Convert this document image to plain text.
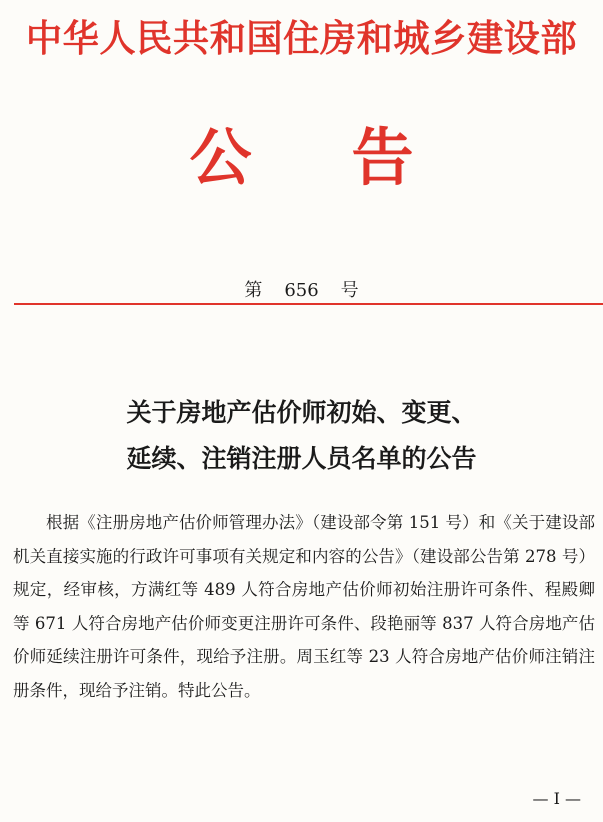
中华人民共和国住房和城乡建设部
公告
第 656 号
关于房地产估价师初始、变更、
延续、注销注册人员名单的公告
根据《注册房地产估价师管理办法》（建设部令第 151 号）和《关于建设部机关直接实施的行政许可事项有关规定和内容的公告》（建设部公告第 278 号）规定，经审核，方满红等 489 人符合房地产估价师初始注册许可条件、程殿卿等 671 人符合房地产估价师变更注册许可条件、段艳丽等 837 人符合房地产估价师延续注册许可条件，现给予注册。周玉红等 23 人符合房地产估价师注销注册条件，现给予注销。特此公告。
— I —
